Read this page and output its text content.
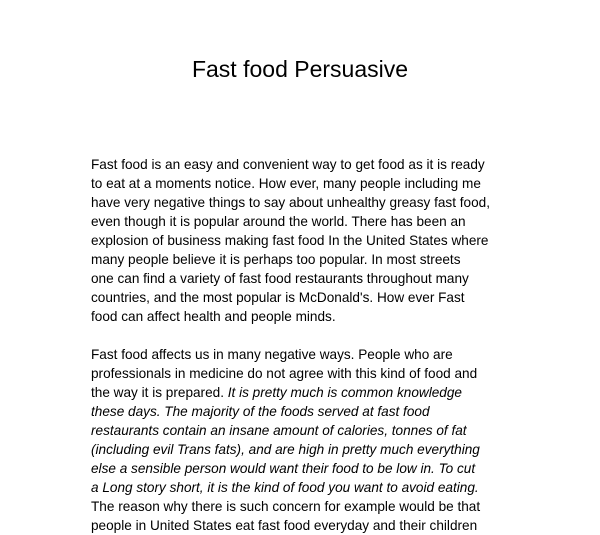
Fast food Persuasive
Fast food is an easy and convenient way to get food as it is ready
to eat at a moments notice. How ever, many people including me
have very negative things to say about unhealthy greasy fast food,
even though it is popular around the world. There has been an
explosion of business making fast food In the United States where
many people believe it is perhaps too popular. In most streets
one can find a variety of fast food restaurants throughout many
countries, and the most popular is McDonald's. How ever Fast
food can affect health and people minds.
Fast food affects us in many negative ways. People who are
professionals in medicine do not agree with this kind of food and
the way it is prepared. It is pretty much is common knowledge
these days. The majority of the foods served at fast food
restaurants contain an insane amount of calories, tonnes of fat
(including evil Trans fats), and are high in pretty much everything
else a sensible person would want their food to be low in. To cut
a Long story short, it is the kind of food you want to avoid eating.
The reason why there is such concern for example would be that
people in United States eat fast food everyday and their children
